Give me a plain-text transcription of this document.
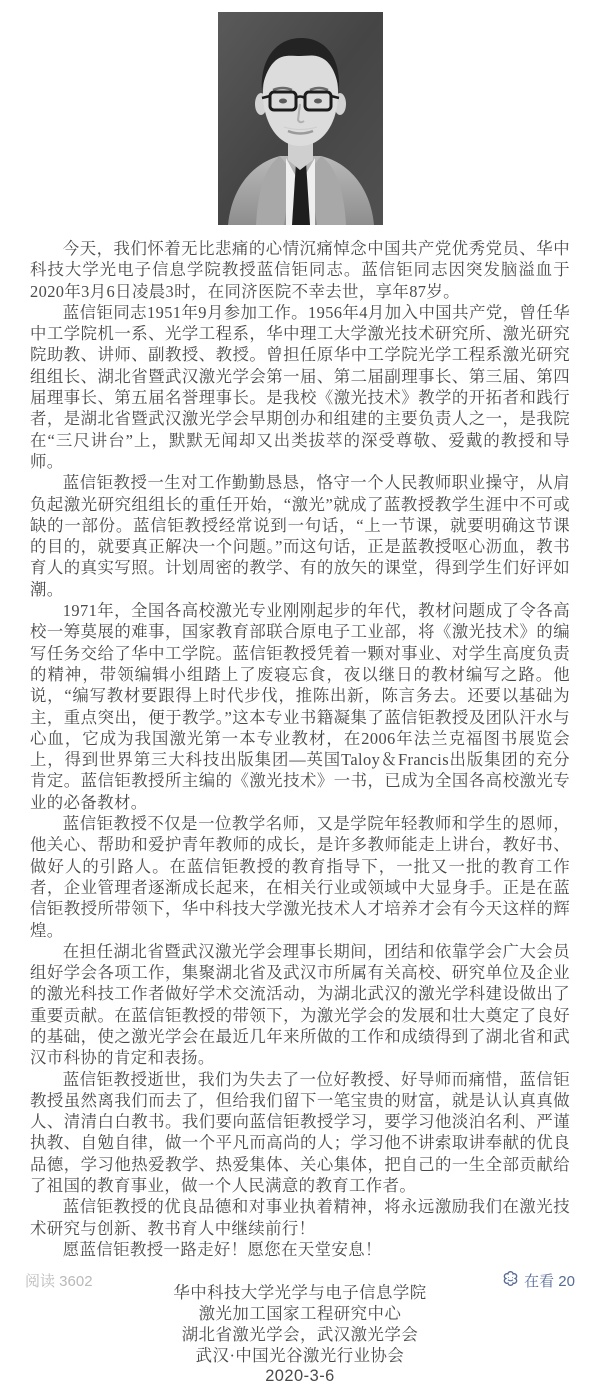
今天，我们怀着无比悲痛的心情沉痛悼念中国共产党优秀党员、华中科技大学光电子信息学院教授蓝信钜同志。蓝信钜同志因突发脑溢血于2020年3月6日凌晨3时，在同济医院不幸去世，享年87岁。

蓝信钜同志1951年9月参加工作。1956年4月加入中国共产党，曾任华中工学院机一系、光学工程系，华中理工大学激光技术研究所、激光研究院助教、讲师、副教授、教授。曾担任原华中工学院光学工程系激光研究组组长、湖北省暨武汉激光学会第一届、第二届副理事长、第三届、第四届理事长、第五届名誉理事长。是我校《激光技术》教学的开拓者和践行者，是湖北省暨武汉激光学会早期创办和组建的主要负责人之一，是我院在“三尺讲台”上，默默无闻却又出类拔萃的深受尊敬、爱戴的教授和导师。

蓝信钜教授一生对工作勤勤恳恳，恪守一个人民教师职业操守，从肩负起激光研究组组长的重任开始，“激光”就成了蓝教授教学生涯中不可或缺的一部份。蓝信钜教授经常说到一句话，“上一节课，就要明确这节课的目的，就要真正解决一个问题。”而这句话，正是蓝教授呕心沥血，教书育人的真实写照。计划周密的教学、有的放矢的课堂，得到学生们好评如潮。

1971年，全国各高校激光专业刚刚起步的年代，教材问题成了令各高校一筹莫展的难事，国家教育部联合原电子工业部，将《激光技术》的编写任务交给了华中工学院。蓝信钜教授凭着一颗对事业、对学生高度负责的精神，带领编辑小组踏上了废寝忘食，夜以继日的教材编写之路。他说，“编写教材要跟得上时代步伐，推陈出新，陈言务去。还要以基础为主，重点突出，便于教学。”这本专业书籍凝集了蓝信钜教授及团队汗水与心血，它成为我国激光第一本专业教材，在2006年法兰克福图书展览会上，得到世界第三大科技出版集团—英国Taloy＆Francis出版集团的充分肯定。蓝信钜教授所主编的《激光技术》一书，已成为全国各高校激光专业的必备教材。

蓝信钜教授不仅是一位教学名师，又是学院年轻教师和学生的恩师，他关心、帮助和爱护青年教师的成长，是许多教师能走上讲台，教好书、做好人的引路人。在蓝信钜教授的教育指导下，一批又一批的教育工作者，企业管理者逐渐成长起来，在相关行业或领域中大显身手。正是在蓝信钜教授所带领下，华中科技大学激光技术人才培养才会有今天这样的辉煌。

在担任湖北省暨武汉激光学会理事长期间，团结和依靠学会广大会员组好学会各项工作，集聚湖北省及武汉市所属有关高校、研究单位及企业的激光科技工作者做好学术交流活动，为湖北武汉的激光学科建设做出了重要贡献。在蓝信钜教授的带领下，为激光学会的发展和壮大奠定了良好的基础，使之激光学会在最近几年来所做的工作和成绩得到了湖北省和武汉市科协的肯定和表扬。

蓝信钜教授逝世，我们为失去了一位好教授、好导师而痛惜，蓝信钜教授虽然离我们而去了，但给我们留下一笔宝贵的财富，就是认认真真做人、清清白白教书。我们要向蓝信钜教授学习，要学习他淡泊名利、严谨执教、自勉自律，做一个平凡而高尚的人；学习他不讲索取讲奉献的优良品德，学习他热爱教学、热爱集体、关心集体，把自己的一生全部贡献给了祖国的教育事业，做一个人民满意的教育工作者。

蓝信钜教授的优良品德和对事业执着精神，将永远激励我们在激光技术研究与创新、教书育人中继续前行！

愿蓝信钜教授一路走好！愿您在天堂安息！

华中科技大学光学与电子信息学院
激光加工国家工程研究中心
湖北省激光学会，武汉激光学会
武汉·中国光谷激光行业协会
2020-3-6
阅读 3602	在看 20
